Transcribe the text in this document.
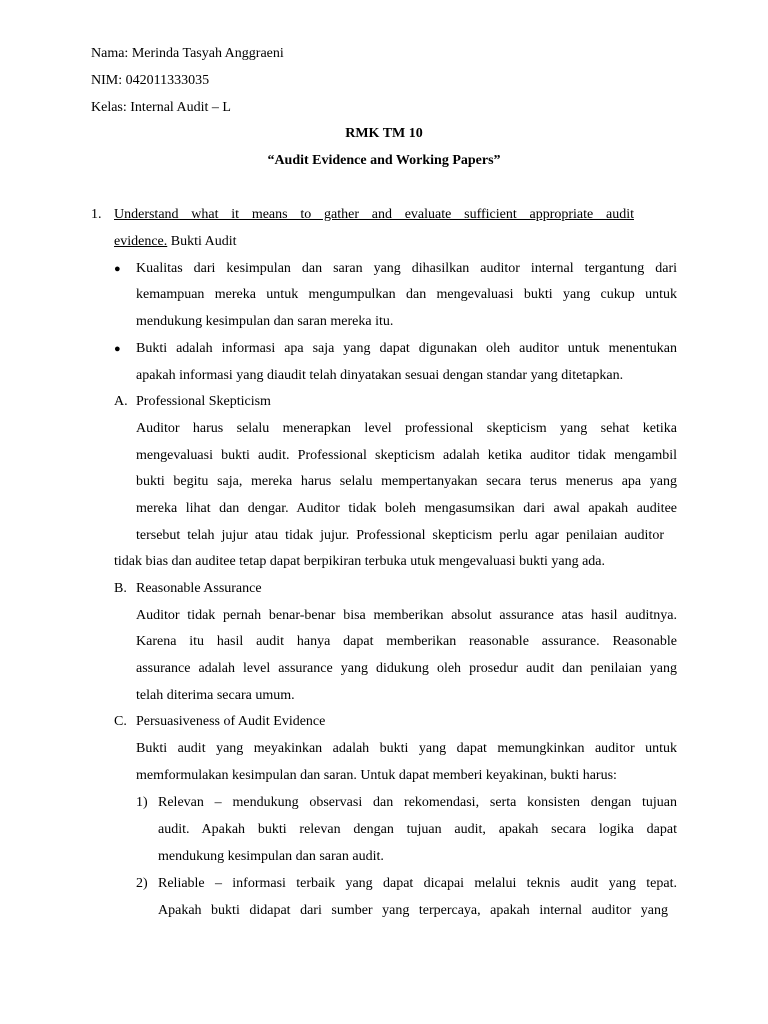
Nama: Merinda Tasyah Anggraeni
NIM: 042011333035
Kelas: Internal Audit – L
RMK TM 10
“Audit Evidence and Working Papers”
1. Understand what it means to gather and evaluate sufficient appropriate audit
evidence. Bukti Audit
● Kualitas dari kesimpulan dan saran yang dihasilkan auditor internal tergantung dari
kemampuan mereka untuk mengumpulkan dan mengevaluasi bukti yang cukup untuk
mendukung kesimpulan dan saran mereka itu.
● Bukti adalah informasi apa saja yang dapat digunakan oleh auditor untuk menentukan
apakah informasi yang diaudit telah dinyatakan sesuai dengan standar yang ditetapkan.
A. Professional Skepticism
Auditor harus selalu menerapkan level professional skepticism yang sehat ketika
mengevaluasi bukti audit. Professional skepticism adalah ketika auditor tidak mengambil
bukti begitu saja, mereka harus selalu mempertanyakan secara terus menerus apa yang
mereka lihat dan dengar. Auditor tidak boleh mengasumsikan dari awal apakah auditee
tersebut telah jujur atau tidak jujur. Professional skepticism perlu agar penilaian auditor
tidak bias dan auditee tetap dapat berpikiran terbuka utuk mengevaluasi bukti yang ada.
B. Reasonable Assurance
Auditor tidak pernah benar-benar bisa memberikan absolut assurance atas hasil auditnya.
Karena itu hasil audit hanya dapat memberikan reasonable assurance. Reasonable
assurance adalah level assurance yang didukung oleh prosedur audit dan penilaian yang
telah diterima secara umum.
C. Persuasiveness of Audit Evidence
Bukti audit yang meyakinkan adalah bukti yang dapat memungkinkan auditor untuk
memformulakan kesimpulan dan saran. Untuk dapat memberi keyakinan, bukti harus:
1) Relevan – mendukung observasi dan rekomendasi, serta konsisten dengan tujuan
audit. Apakah bukti relevan dengan tujuan audit, apakah secara logika dapat
mendukung kesimpulan dan saran audit.
2) Reliable – informasi terbaik yang dapat dicapai melalui teknis audit yang tepat.
Apakah bukti didapat dari sumber yang terpercaya, apakah internal auditor yang
